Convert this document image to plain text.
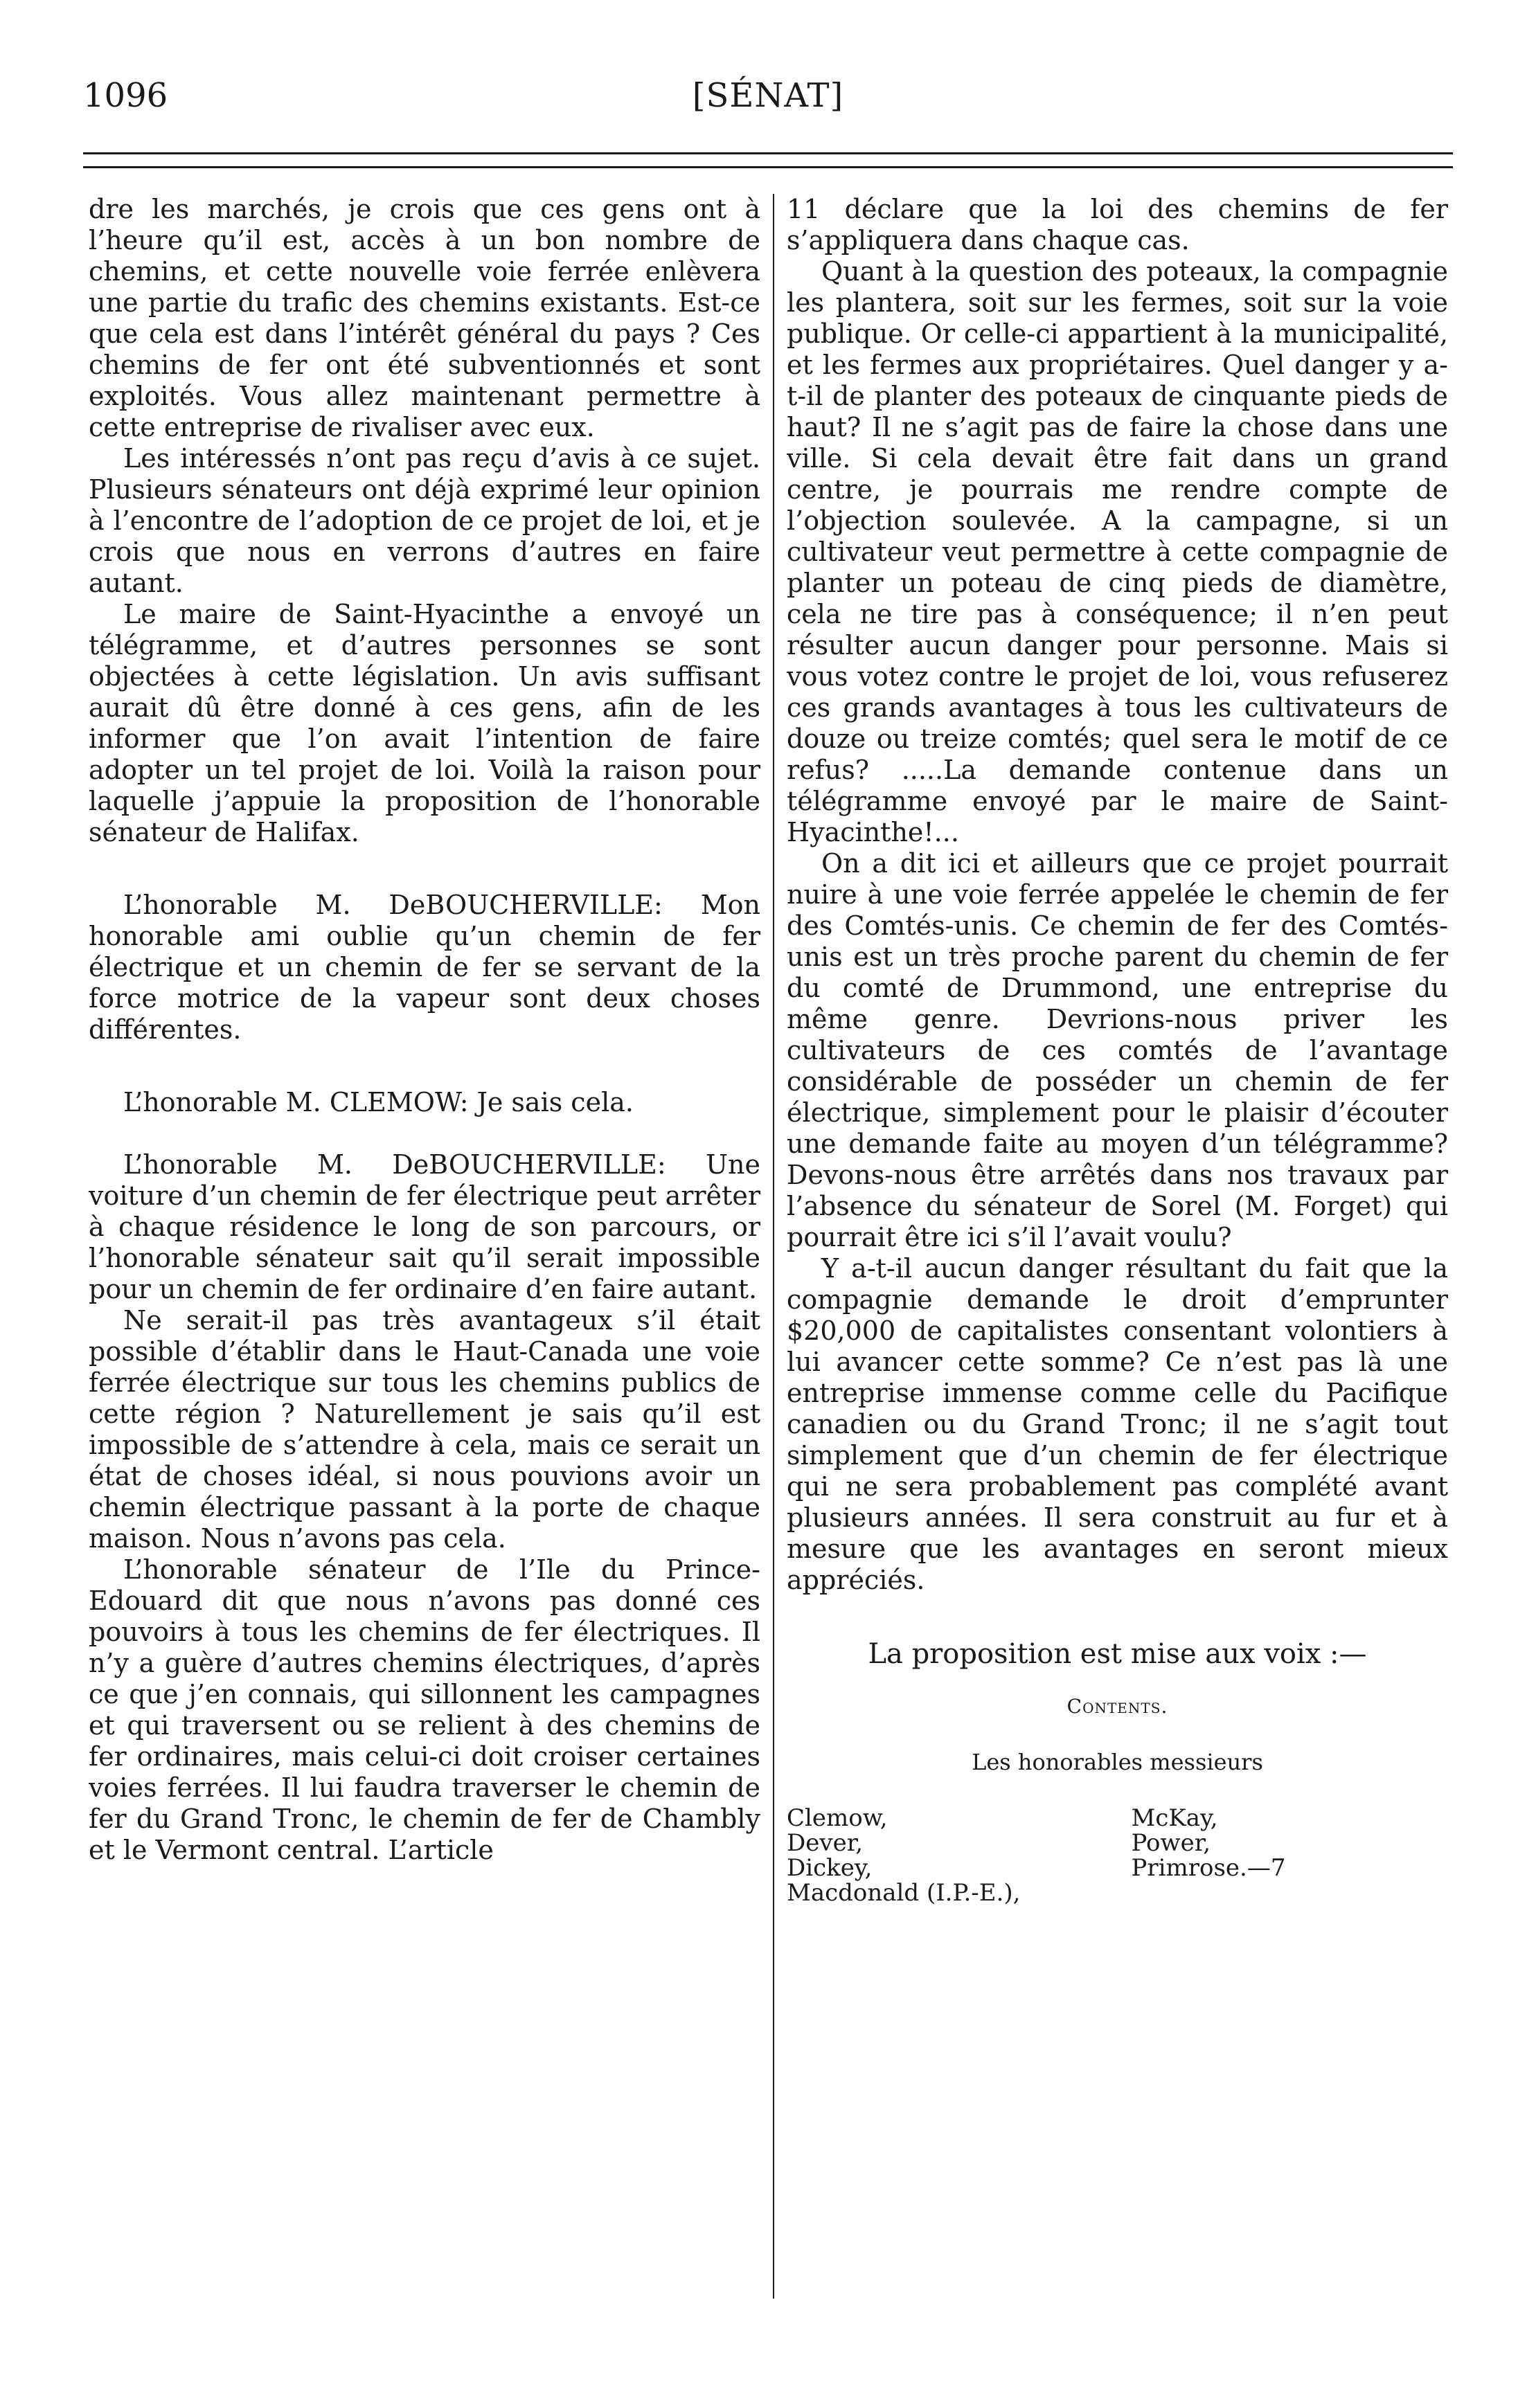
1096	[SÉNAT]

dre les marchés, je crois que ces gens ont à l’heure qu’il est, accès à un bon nombre de chemins, et cette nouvelle voie ferrée enlèvera une partie du trafic des chemins existants. Est-ce que cela est dans l’intérêt général du pays ? Ces chemins de fer ont été subventionnés et sont exploités. Vous allez maintenant permettre à cette entreprise de rivaliser avec eux.

Les intéressés n’ont pas reçu d’avis à ce sujet. Plusieurs sénateurs ont déjà exprimé leur opinion à l’encontre de l’adoption de ce projet de loi, et je crois que nous en verrons d’autres en faire autant.

Le maire de Saint-Hyacinthe a envoyé un télégramme, et d’autres personnes se sont objectées à cette législation. Un avis suffisant aurait dû être donné à ces gens, afin de les informer que l’on avait l’intention de faire adopter un tel projet de loi. Voilà la raison pour laquelle j’appuie la proposition de l’honorable sénateur de Halifax.

L’honorable M. DeBOUCHERVILLE: Mon honorable ami oublie qu’un chemin de fer électrique et un chemin de fer se servant de la force motrice de la vapeur sont deux choses différentes.

L’honorable M. CLEMOW: Je sais cela.

L’honorable M. DeBOUCHERVILLE: Une voiture d’un chemin de fer électrique peut arrêter à chaque résidence le long de son parcours, or l’honorable sénateur sait qu’il serait impossible pour un chemin de fer ordinaire d’en faire autant.

Ne serait-il pas très avantageux s’il était possible d’établir dans le Haut-Canada une voie ferrée électrique sur tous les chemins publics de cette région ? Naturellement je sais qu’il est impossible de s’attendre à cela, mais ce serait un état de choses idéal, si nous pouvions avoir un chemin électrique passant à la porte de chaque maison. Nous n’avons pas cela.

L’honorable sénateur de l’Ile du Prince-Edouard dit que nous n’avons pas donné ces pouvoirs à tous les chemins de fer électriques. Il n’y a guère d’autres chemins électriques, d’après ce que j’en connais, qui sillonnent les campagnes et qui traversent ou se relient à des chemins de fer ordinaires, mais celui-ci doit croiser certaines voies ferrées. Il lui faudra traverser le chemin de fer du Grand Tronc, le chemin de fer de Chambly et le Vermont central. L’article

11 déclare que la loi des chemins de fer s’appliquera dans chaque cas.

Quant à la question des poteaux, la compagnie les plantera, soit sur les fermes, soit sur la voie publique. Or celle-ci appartient à la municipalité, et les fermes aux propriétaires. Quel danger y a-t-il de planter des poteaux de cinquante pieds de haut? Il ne s’agit pas de faire la chose dans une ville. Si cela devait être fait dans un grand centre, je pourrais me rendre compte de l’objection soulevée. A la campagne, si un cultivateur veut permettre à cette compagnie de planter un poteau de cinq pieds de diamètre, cela ne tire pas à conséquence; il n’en peut résulter aucun danger pour personne. Mais si vous votez contre le projet de loi, vous refuserez ces grands avantages à tous les cultivateurs de douze ou treize comtés; quel sera le motif de ce refus? .....La demande contenue dans un télégramme envoyé par le maire de Saint-Hyacinthe!...

On a dit ici et ailleurs que ce projet pourrait nuire à une voie ferrée appelée le chemin de fer des Comtés-unis. Ce chemin de fer des Comtés-unis est un très proche parent du chemin de fer du comté de Drummond, une entreprise du même genre. Devrions-nous priver les cultivateurs de ces comtés de l’avantage considérable de posséder un chemin de fer électrique, simplement pour le plaisir d’écouter une demande faite au moyen d’un télégramme? Devons-nous être arrêtés dans nos travaux par l’absence du sénateur de Sorel (M. Forget) qui pourrait être ici s’il l’avait voulu?

Y a-t-il aucun danger résultant du fait que la compagnie demande le droit d’emprunter $20,000 de capitalistes consentant volontiers à lui avancer cette somme? Ce n’est pas là une entreprise immense comme celle du Pacifique canadien ou du Grand Tronc; il ne s’agit tout simplement que d’un chemin de fer électrique qui ne sera probablement pas complété avant plusieurs années. Il sera construit au fur et à mesure que les avantages en seront mieux appréciés.

La proposition est mise aux voix :—
Contents.
Les honorables messieurs
Clemow,
Dever,
Dickey,
Macdonald (I.P.-E.),
McKay,
Power,
Primrose.—7
